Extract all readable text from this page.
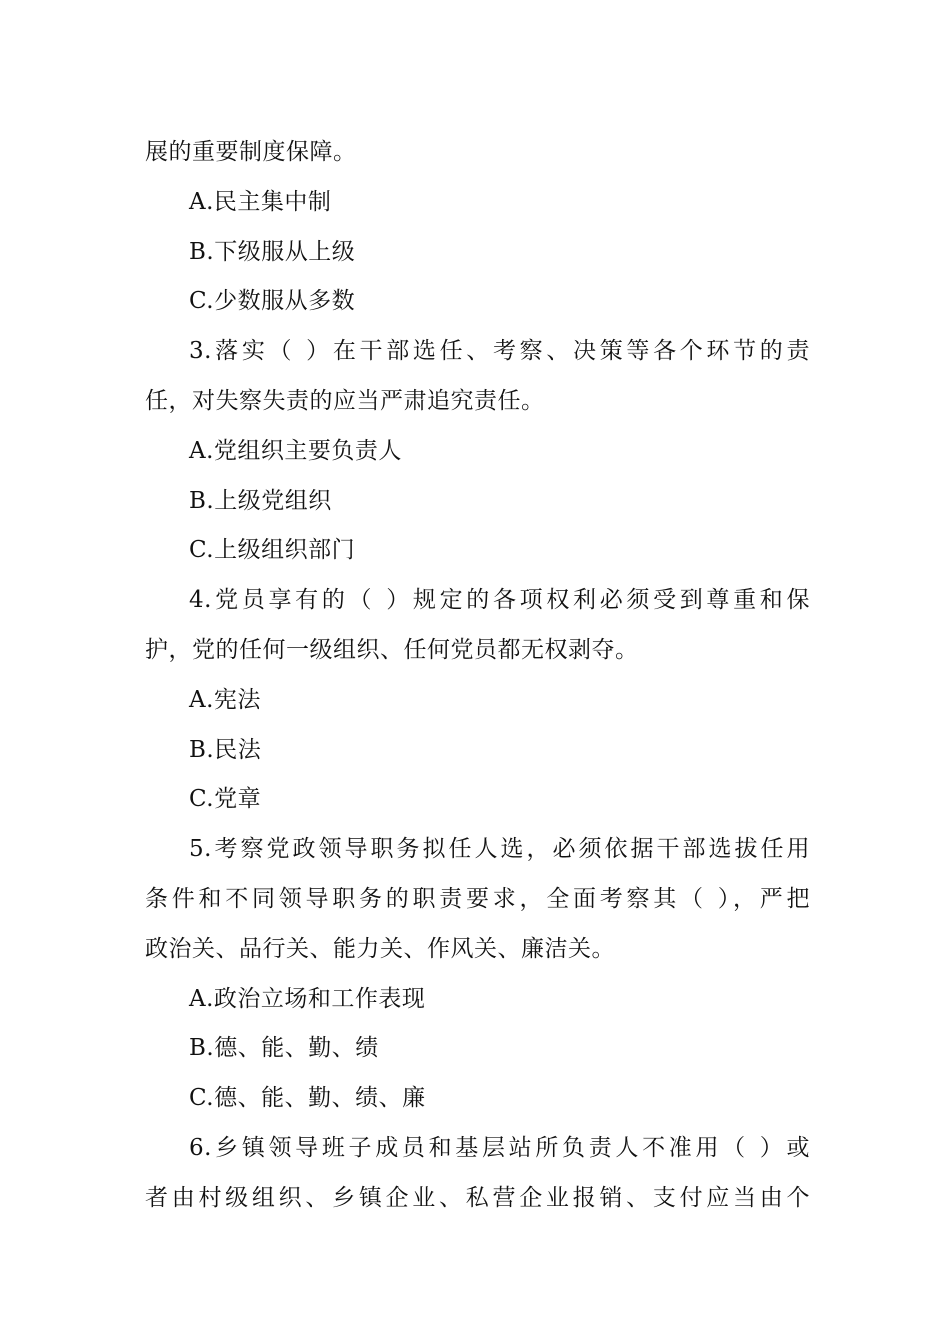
展的重要制度保障。
A.民主集中制
B.下级服从上级
C.少数服从多数
3.落实（ ）在干部选任、考察、决策等各个环节的责
任，对失察失责的应当严肃追究责任。
A.党组织主要负责人
B.上级党组织
C.上级组织部门
4.党员享有的（ ）规定的各项权利必须受到尊重和保
护，党的任何一级组织、任何党员都无权剥夺。
A.宪法
B.民法
C.党章
5.考察党政领导职务拟任人选，必须依据干部选拔任用
条件和不同领导职务的职责要求，全面考察其（ ），严把
政治关、品行关、能力关、作风关、廉洁关。
A.政治立场和工作表现
B.德、能、勤、绩
C.德、能、勤、绩、廉
6.乡镇领导班子成员和基层站所负责人不准用（ ）或
者由村级组织、乡镇企业、私营企业报销、支付应当由个
